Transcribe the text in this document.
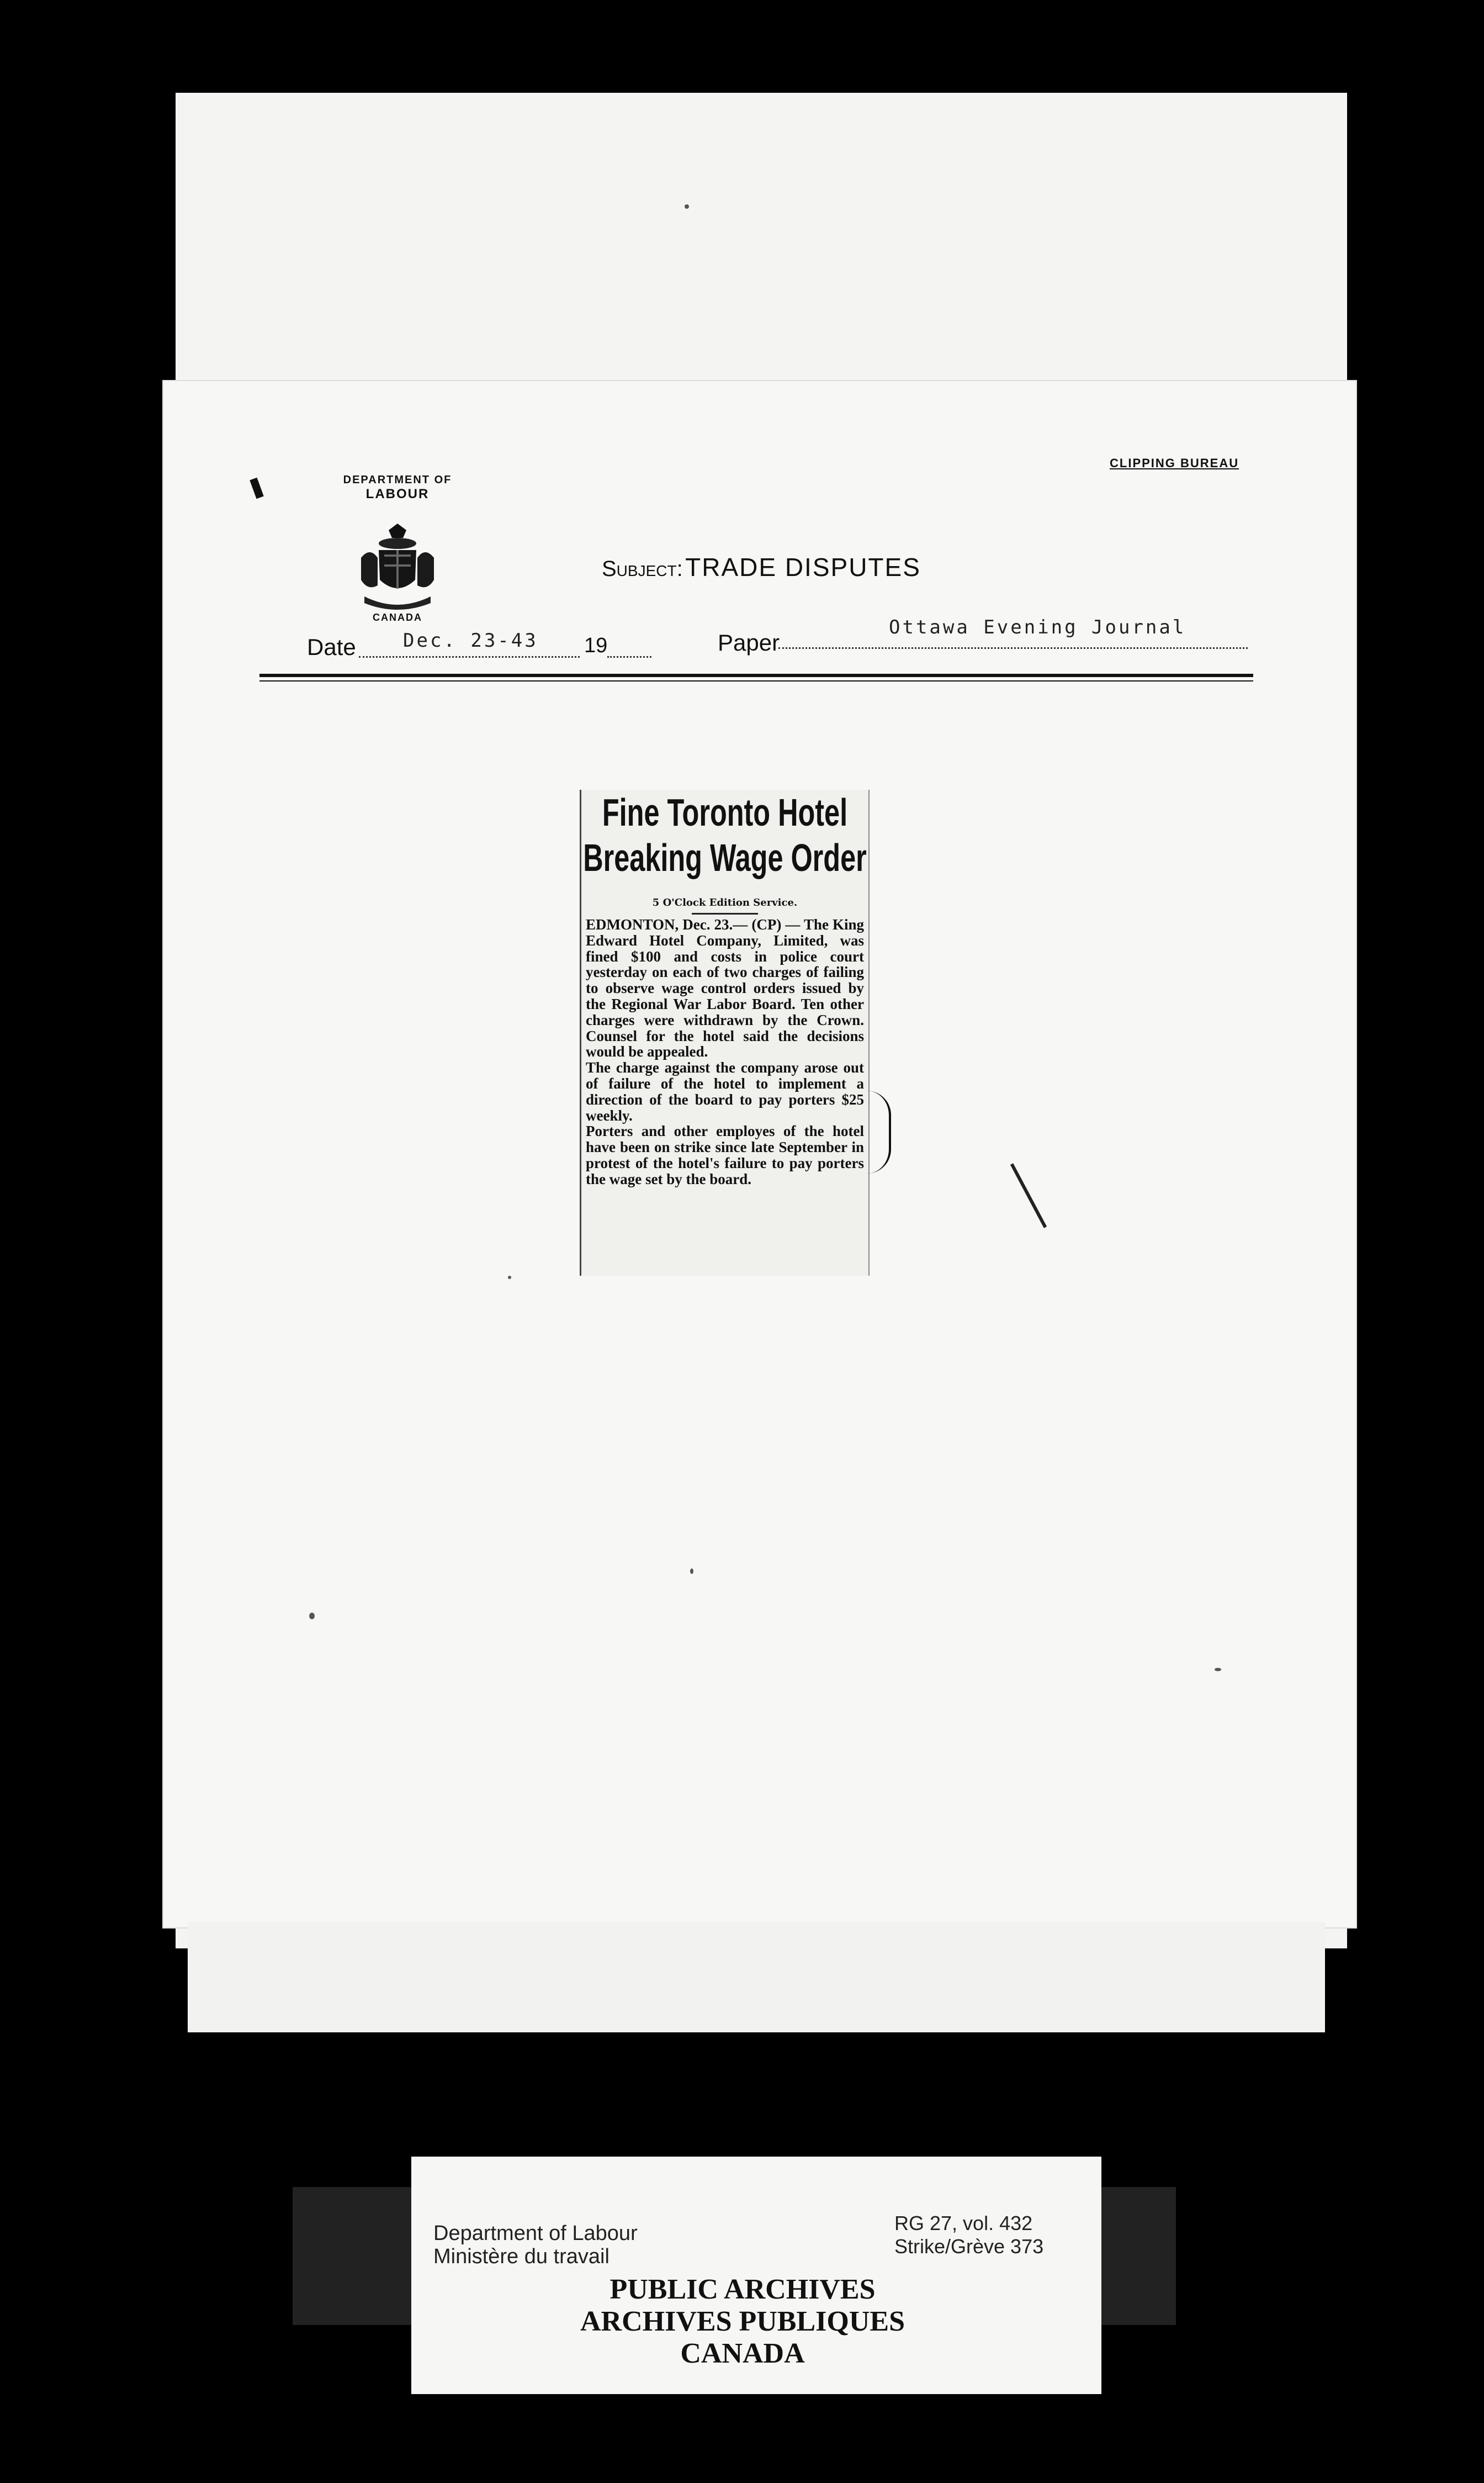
DEPARTMENT OF
LABOUR
CANADA
CLIPPING BUREAU
Subject: TRADE DISPUTES
Date	Dec. 23-43 19	Paper
Ottawa Evening Journal
Fine Toronto Hotel
Breaking Wage Order
5 O'Clock Edition Service.
EDMONTON, Dec. 23.— (CP) — The King Edward Hotel Company, Limited, was fined $100 and costs in police court yesterday on each of two charges of failing to observe wage control orders issued by the Regional War Labor Board. Ten other charges were withdrawn by the Crown. Counsel for the hotel said the decisions would be appealed.
The charge against the company arose out of failure of the hotel to implement a direction of the board to pay porters $25 weekly.
Porters and other employes of the hotel have been on strike since late September in protest of the hotel's failure to pay porters the wage set by the board.
Department of Labour
Ministère du travail
RG 27, vol. 432
Strike/Grève 373
PUBLIC ARCHIVES
ARCHIVES PUBLIQUES
CANADA
